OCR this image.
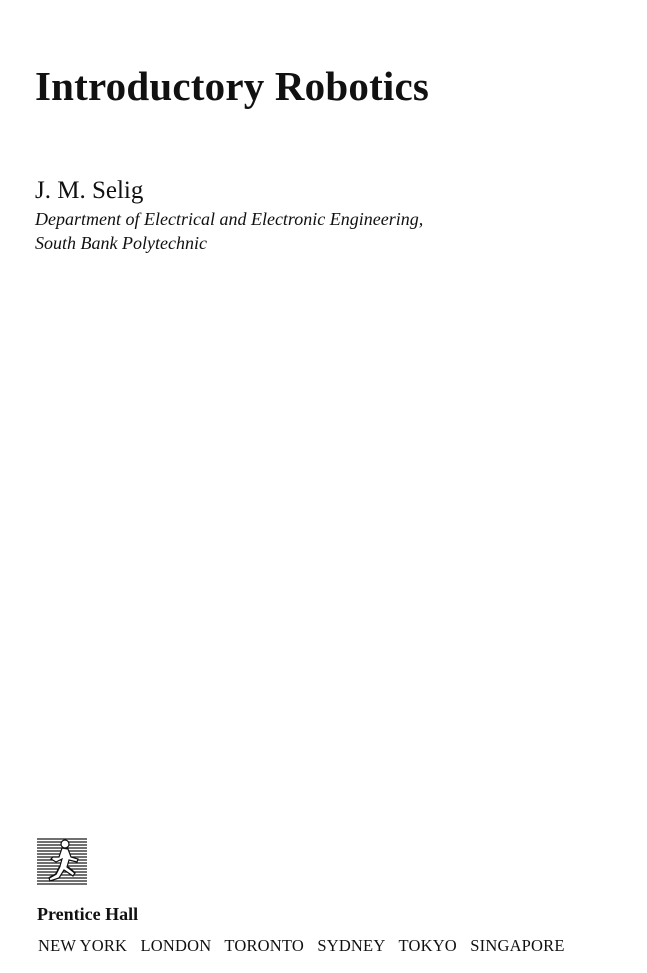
Introductory Robotics
J. M. Selig
Department of Electrical and Electronic Engineering,
South Bank Polytechnic
Prentice Hall
NEW YORK LONDON TORONTO SYDNEY TOKYO SINGAPORE
